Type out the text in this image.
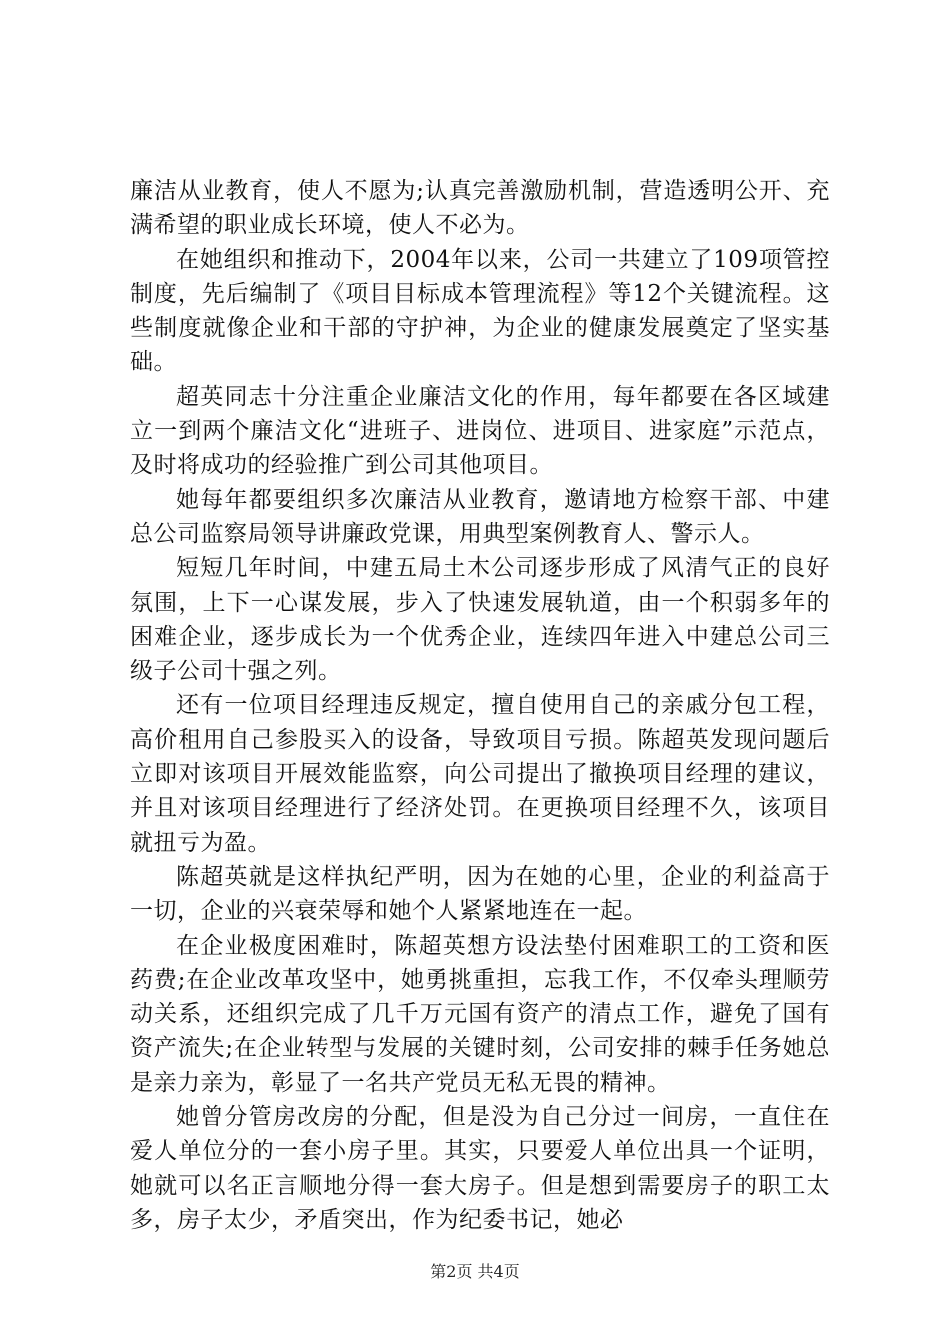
廉洁从业教育，使人不愿为;认真完善激励机制，营造透明公开、充满希望的职业成长环境，使人不必为。

在她组织和推动下，2004年以来，公司一共建立了109项管控制度，先后编制了《项目目标成本管理流程》等12个关键流程。这些制度就像企业和干部的守护神，为企业的健康发展奠定了坚实基础。

超英同志十分注重企业廉洁文化的作用，每年都要在各区域建立一到两个廉洁文化“进班子、进岗位、进项目、进家庭”示范点，及时将成功的经验推广到公司其他项目。

她每年都要组织多次廉洁从业教育，邀请地方检察干部、中建总公司监察局领导讲廉政党课，用典型案例教育人、警示人。

短短几年时间，中建五局土木公司逐步形成了风清气正的良好氛围，上下一心谋发展，步入了快速发展轨道，由一个积弱多年的困难企业，逐步成长为一个优秀企业，连续四年进入中建总公司三级子公司十强之列。

还有一位项目经理违反规定，擅自使用自己的亲戚分包工程，高价租用自己参股买入的设备，导致项目亏损。陈超英发现问题后立即对该项目开展效能监察，向公司提出了撤换项目经理的建议，并且对该项目经理进行了经济处罚。在更换项目经理不久，该项目就扭亏为盈。

陈超英就是这样执纪严明，因为在她的心里，企业的利益高于一切，企业的兴衰荣辱和她个人紧紧地连在一起。

在企业极度困难时，陈超英想方设法垫付困难职工的工资和医药费;在企业改革攻坚中，她勇挑重担，忘我工作，不仅牵头理顺劳动关系，还组织完成了几千万元国有资产的清点工作，避免了国有资产流失;在企业转型与发展的关键时刻，公司安排的棘手任务她总是亲力亲为，彰显了一名共产党员无私无畏的精神。

她曾分管房改房的分配，但是没为自己分过一间房，一直住在爱人单位分的一套小房子里。其实，只要爱人单位出具一个证明，她就可以名正言顺地分得一套大房子。但是想到需要房子的职工太多，房子太少，矛盾突出，作为纪委书记，她必

第2页 共4页
